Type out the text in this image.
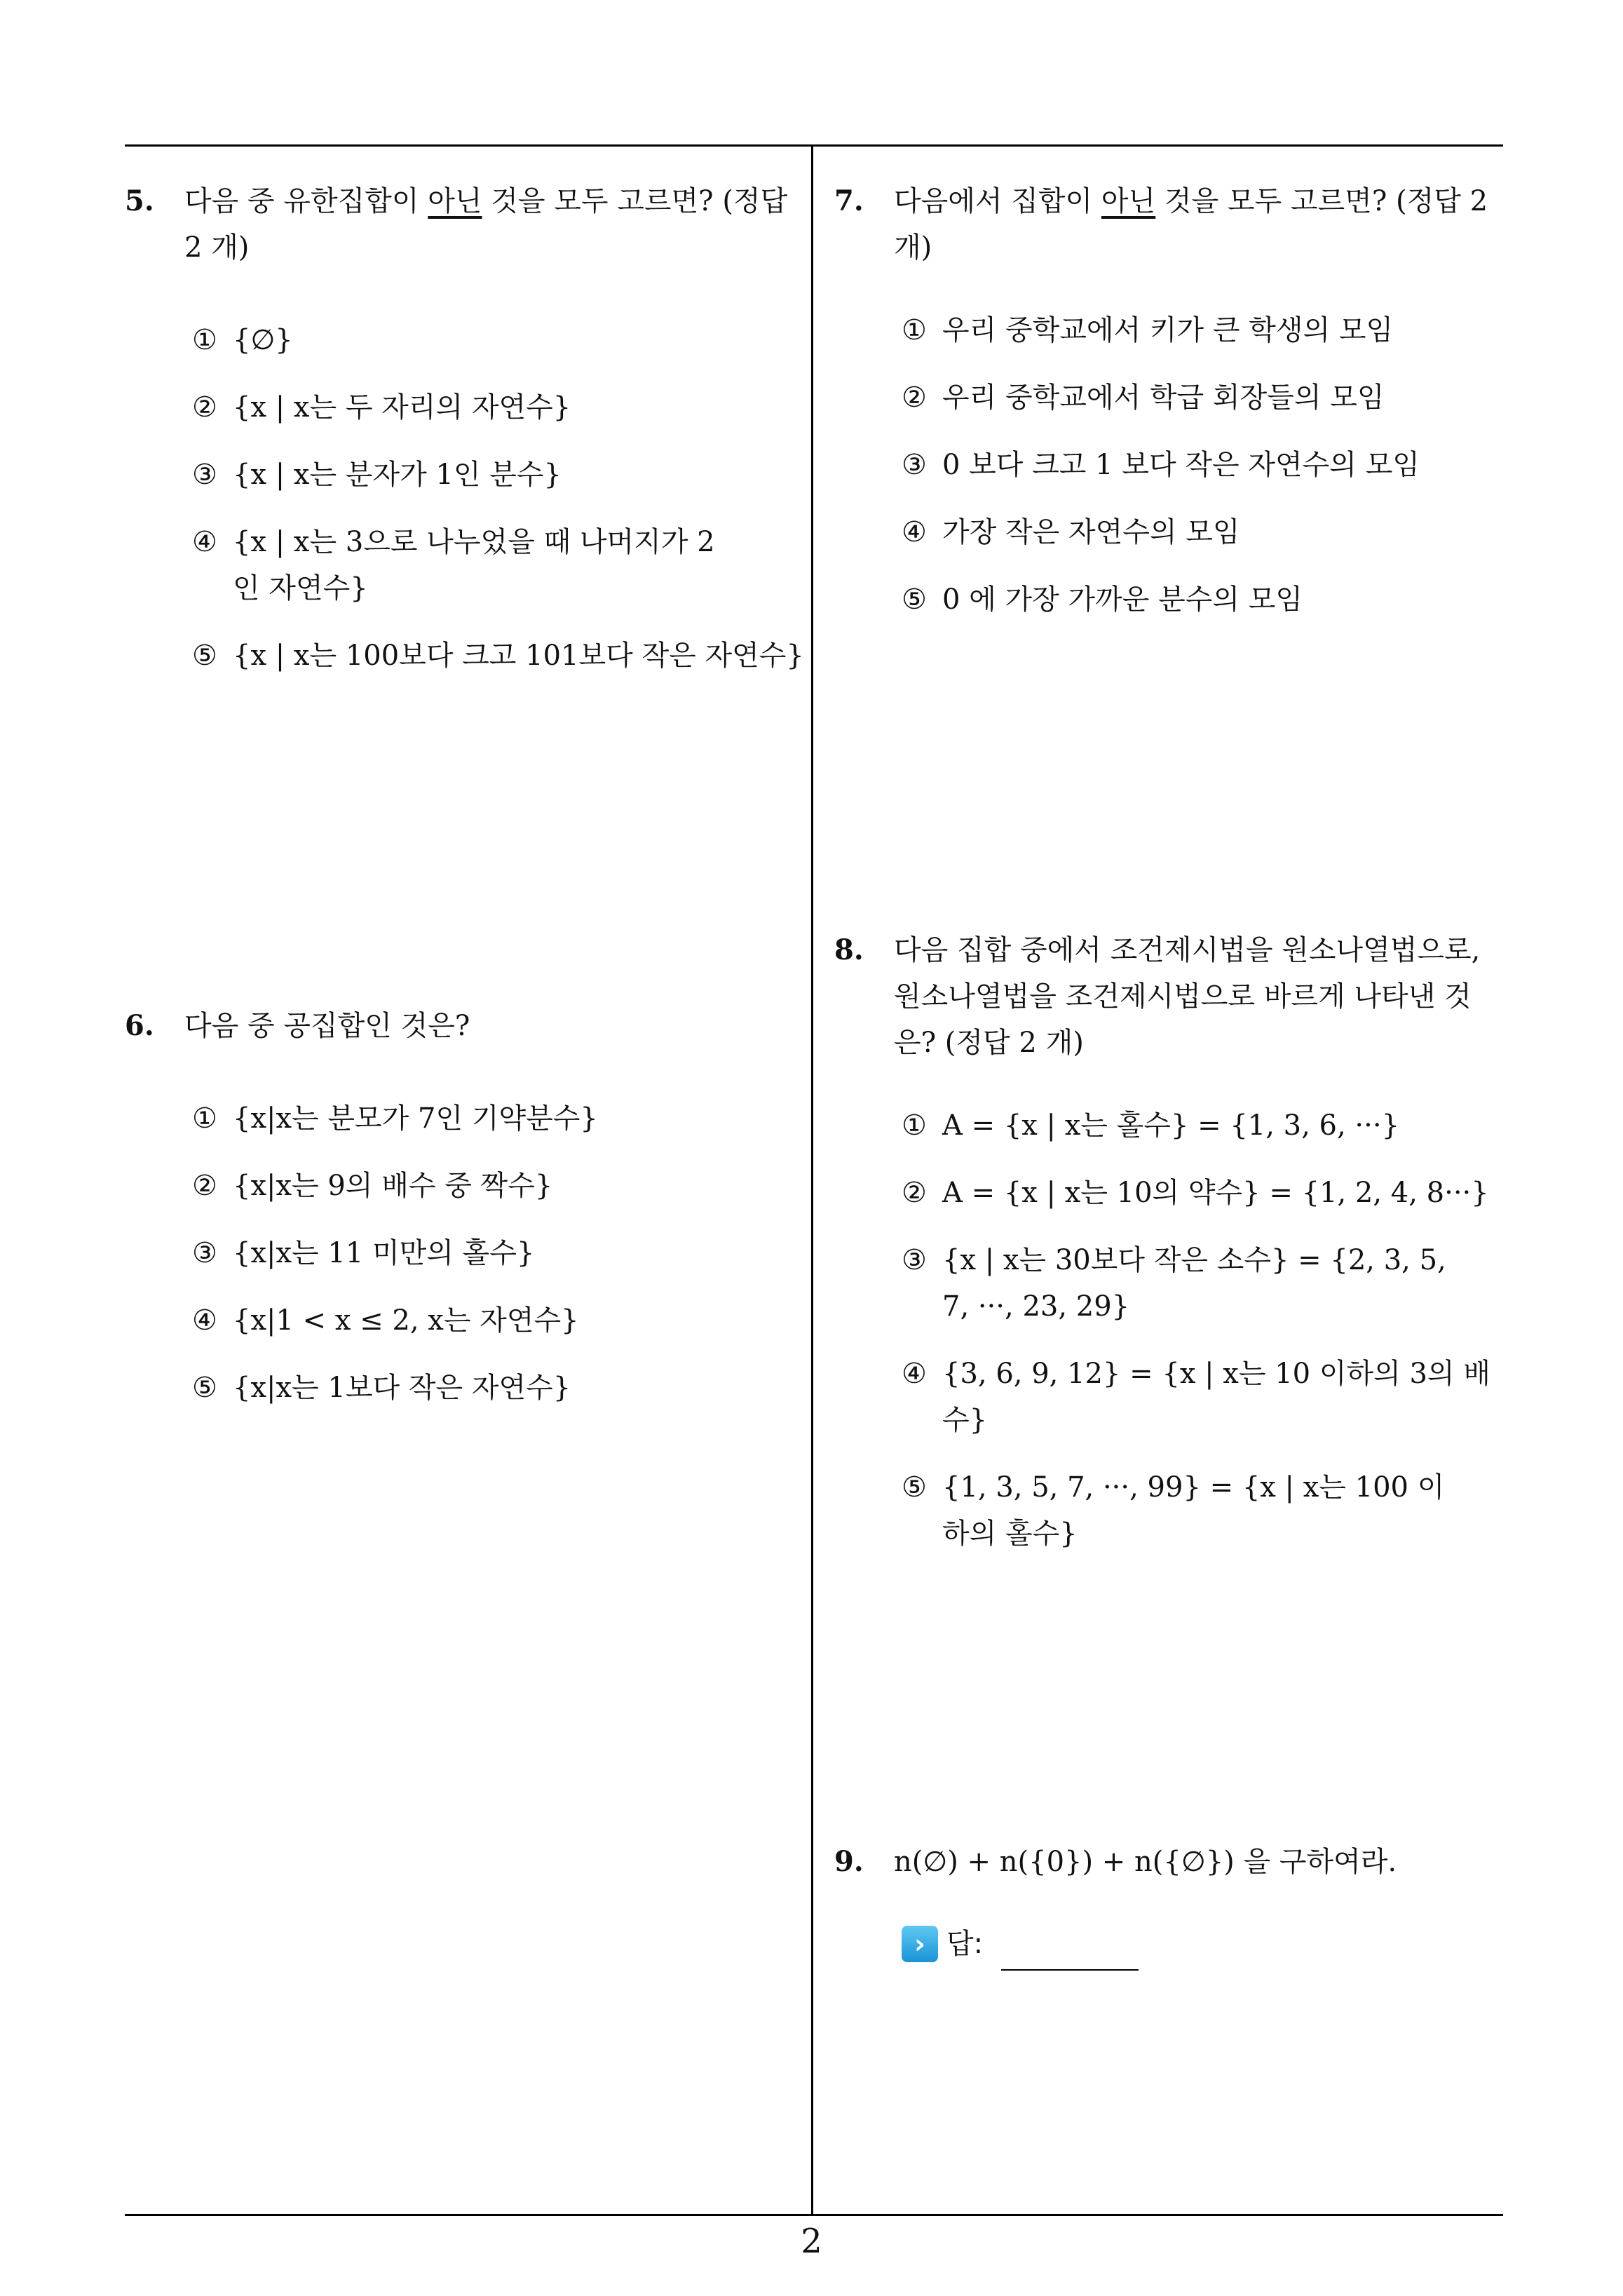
5.	다음 중 유한집합이 아닌 것을 모두 고르면? (정답 2 개)
① {∅}
② {x | x는 두 자리의 자연수}
③ {x | x는 분자가 1인 분수}
④ {x | x는 3으로 나누었을 때 나머지가 2인 자연수}
⑤ {x | x는 100보다 크고 101보다 작은 자연수}
6.	다음 중 공집합인 것은?
① {x|x는 분모가 7인 기약분수}
② {x|x는 9의 배수 중 짝수}
③ {x|x는 11 미만의 홀수}
④ {x|1 < x ≤ 2, x는 자연수}
⑤ {x|x는 1보다 작은 자연수}
7.	다음에서 집합이 아닌 것을 모두 고르면? (정답 2 개)
① 우리 중학교에서 키가 큰 학생의 모임
② 우리 중학교에서 학급 회장들의 모임
③ 0 보다 크고 1 보다 작은 자연수의 모임
④ 가장 작은 자연수의 모임
⑤ 0 에 가장 가까운 분수의 모임
8.	다음 집합 중에서 조건제시법을 원소나열법으로, 원소나열법을 조건제시법으로 바르게 나타낸 것은? (정답 2 개)
① A = {x | x는 홀수} = {1, 3, 6, ···}
② A = {x | x는 10의 약수} = {1, 2, 4, 8···}
③ {x | x는 30보다 작은 소수} = {2, 3, 5, 7, ···, 23, 29}
④ {3, 6, 9, 12} = {x | x는 10 이하의 3의 배수}
⑤ {1, 3, 5, 7, ···, 99} = {x | x는 100 이하의 홀수}
9.	n(∅) + n({0}) + n({∅}) 을 구하여라.
› 답:
2
